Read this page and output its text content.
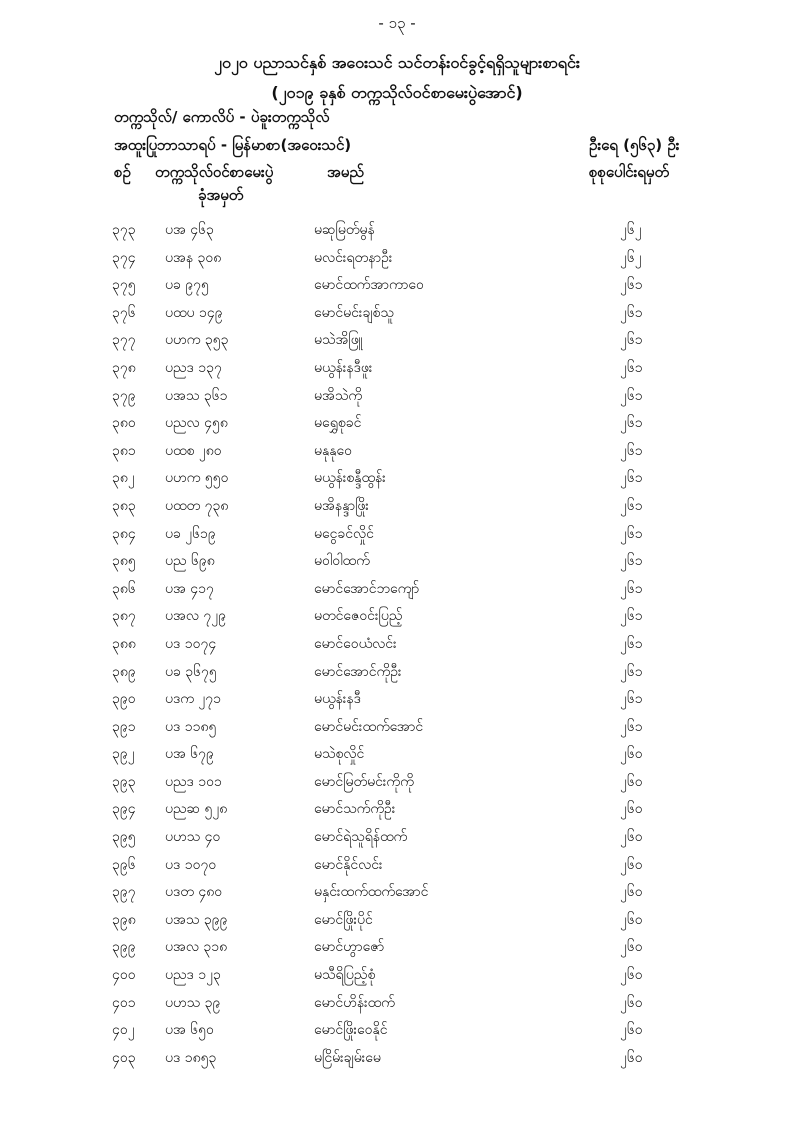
- ၁၃ -
၂၀၂၀ ပညာသင်နှစ် အဝေးသင် သင်တန်းဝင်ခွင့်ရရှိသူများစာရင်း
(၂၀၁၉ ခုနှစ် တက္ကသိုလ်ဝင်စာမေးပွဲအောင်)
တက္ကသိုလ်/ ကောလိပ် - ပဲခူးတက္ကသိုလ်
အထူးပြုဘာသာရပ် - မြန်မာစာ(အဝေးသင်)	ဦးရေ (၅၆၃) ဦး
စဉ် တက္ကသိုလ်ဝင်စာမေးပွဲ
ခုံအမှတ်
အမည်	စုစုပေါင်းရမှတ်
၃၇၃ ပအ ၄၆၃	မဆုမြတ်မွန်	၂၆၂
၃၇၄ ပအန ၃၀၈	မလင်းရတနာဦး	၂၆၂
၃၇၅ ပခ ၉၇၅	မောင်ထက်အာကာဝေ	၂၆၁
၃၇၆ ပထပ ၁၄၉	မောင်မင်းချစ်သူ	၂၆၁
၃၇၇ ပဟက ၃၅၃	မသဲအိဖြူ	၂၆၁
၃၇၈ ပညဒ ၁၃၇	မယွန်းနဒီဖူး	၂၆၁
၃၇၉ ပအသ ၃၆၁	မအိသဲကို	၂၆၁
၃၈၀ ပညလ ၄၅၈	မရွှေစုခင်	၂၆၁
၃၈၁ ပထစ ၂၈၀	မနုနုဝေ	၂၆၁
၃၈၂ ပဟက ၅၅၀	မယွန်းစန္ဒီထွန်း	၂၆၁
၃၈၃ ပထတ ၇၃၈	မအိနန္ဒာဖြိုး	၂၆၁
၃၈၄ ပခ ၂၆၁၉	မငွေခင်လှိုင်	၂၆၁
၃၈၅ ပည ၆၉၈	မဝါဝါထက်	၂၆၁
၃၈၆ ပအ ၄၁၇	မောင်အောင်ဘကျော်	၂၆၁
၃၈၇ ပအလ ၇၂၉	မတင်ဇေဝင်းပြည့်	၂၆၁
၃၈၈ ပဒ ၁၀၇၄	မောင်ဝေယံလင်း	၂၆၁
၃၈၉ ပခ ၃၆၇၅	မောင်အောင်ကိုဦး	၂၆၁
၃၉၀ ပဒက ၂၇၁	မယွန်းနဒီ	၂၆၁
၃၉၁ ပဒ ၁၁၈၅	မောင်မင်းထက်အောင်	၂၆၁
၃၉၂ ပအ ၆၇၉	မသဲစုလှိုင်	၂၆၀
၃၉၃ ပညဒ ၁၀၁	မောင်မြတ်မင်းကိုကို	၂၆၀
၃၉၄ ပညဆ ၅၂၈	မောင်သက်ကိုဦး	၂၆၀
၃၉၅ ပဟသ ၄၀	မောင်ရဲသူရိန်ထက်	၂၆၀
၃၉၆ ပဒ ၁၀၇၀	မောင်နိုင်လင်း	၂၆၀
၃၉၇ ပဒတ ၄၈၀	မနှင်းထက်ထက်အောင်	၂၆၀
၃၉၈ ပအသ ၃၉၉	မောင်ဖြိုးပိုင်	၂၆၀
၃၉၉ ပအလ ၃၁၈	မောင်ဟွာဇော်	၂၆၀
၄၀၀ ပညဒ ၁၂၃	မသီရိပြည့်စုံ	၂၆၀
၄၀၁ ပဟသ ၃၉	မောင်ဟိန်းထက်	၂၆၀
၄၀၂ ပအ ၆၅၀	မောင်ဖြိုးဝေနိုင်	၂၆၀
၄၀၃ ပဒ ၁၈၅၃	မငြိမ်းချမ်းမေ	၂၆၀
